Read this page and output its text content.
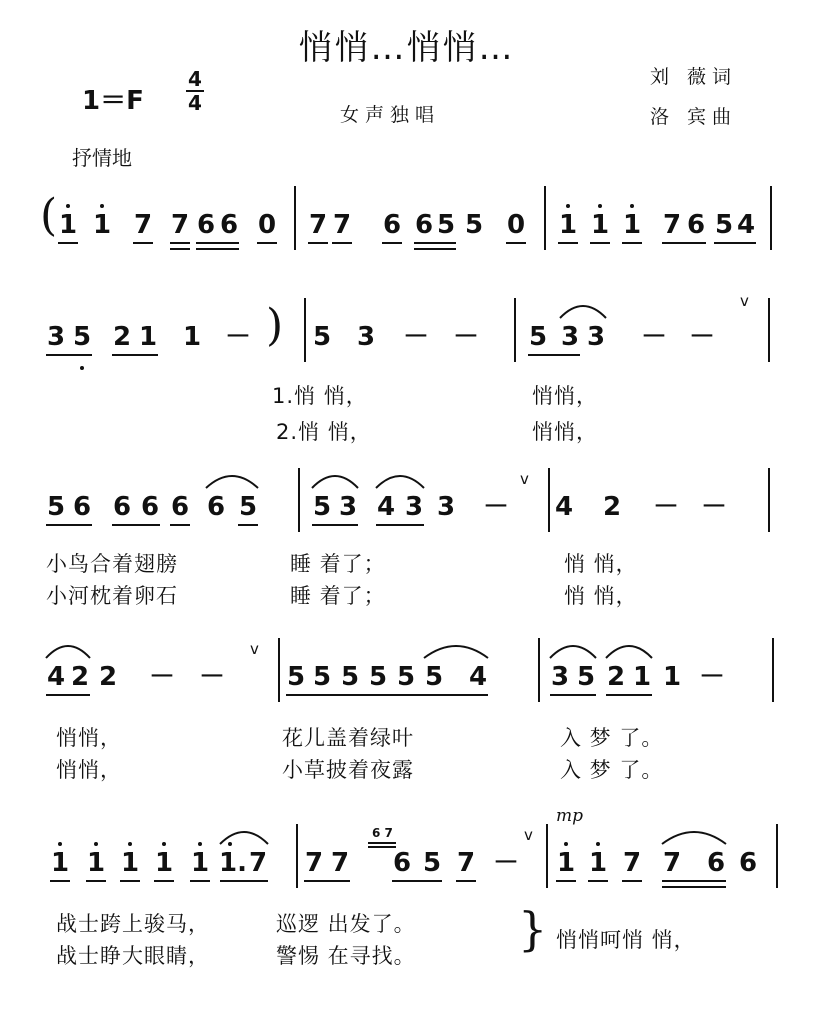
悄悄…悄悄…
1＝F
4
4	女声独唱
刘 薇词
洛 宾曲
抒情地
1 1 7 7 6 6 0 7 7 6 6 5 5 0 1 1 1 7 6 5 4
(
3 5 2 1 1 － 5 3 － － 5 3 3 － －
v
)
5 6 6 6 6 6 5 5 3 4 3 3 － 4 2 － －
v
4 2 2 － － 5 5 5 5 5 5 4 3 5 2 1 1 －
v
1 1 1 1 1 1. 7 7 7 6 5 7 － 1 1 7 7 6 6
v
6 7
mp
1.悄 悄，	悄悄，
2.悄 悄，	悄悄，
小鸟合着翅膀	睡 着了；	悄 悄，
小河枕着卵石	睡 着了；	悄 悄，
悄悄，	花儿盖着绿叶	入 梦 了。
悄悄，	小草披着夜露	入 梦 了。
战士跨上骏马，	巡逻 出发了。
战士睁大眼睛，	警惕 在寻找。
悄悄呵悄 悄，
}
